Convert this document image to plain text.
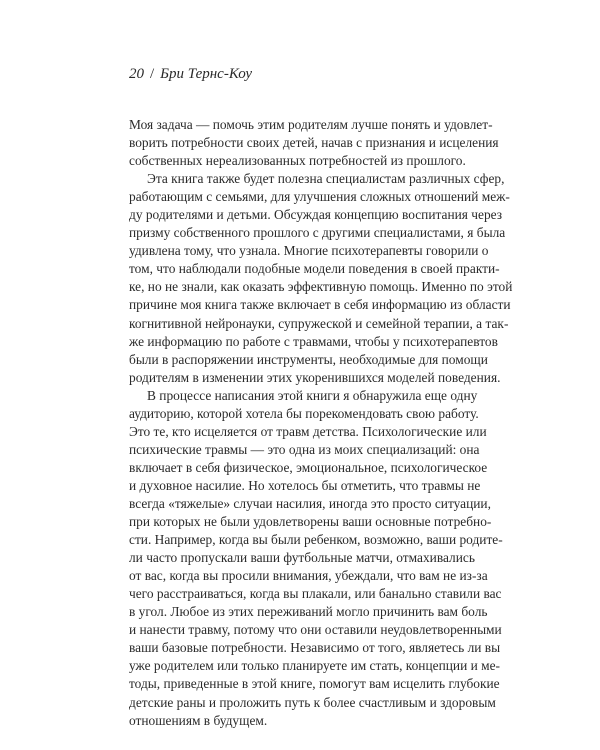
20 / Бри Тернс-Коу
Моя задача — помочь этим родителям лучше понять и удовлет-
ворить потребности своих детей, начав с признания и исцеления
собственных нереализованных потребностей из прошлого.
Эта книга также будет полезна специалистам различных сфер,
работающим с семьями, для улучшения сложных отношений меж-
ду родителями и детьми. Обсуждая концепцию воспитания через
призму собственного прошлого с другими специалистами, я была
удивлена тому, что узнала. Многие психотерапевты говорили о
том, что наблюдали подобные модели поведения в своей практи-
ке, но не знали, как оказать эффективную помощь. Именно по этой
причине моя книга также включает в себя информацию из области
когнитивной нейронауки, супружеской и семейной терапии, а так-
же информацию по работе с травмами, чтобы у психотерапевтов
были в распоряжении инструменты, необходимые для помощи
родителям в изменении этих укоренившихся моделей поведения.
В процессе написания этой книги я обнаружила еще одну
аудиторию, которой хотела бы порекомендовать свою работу.
Это те, кто исцеляется от травм детства. Психологические или
психические травмы — это одна из моих специализаций: она
включает в себя физическое, эмоциональное, психологическое
и духовное насилие. Но хотелось бы отметить, что травмы не
всегда «тяжелые» случаи насилия, иногда это просто ситуации,
при которых не были удовлетворены ваши основные потребно-
сти. Например, когда вы были ребенком, возможно, ваши родите-
ли часто пропускали ваши футбольные матчи, отмахивались
от вас, когда вы просили внимания, убеждали, что вам не из-за
чего расстраиваться, когда вы плакали, или банально ставили вас
в угол. Любое из этих переживаний могло причинить вам боль
и нанести травму, потому что они оставили неудовлетворенными
ваши базовые потребности. Независимо от того, являетесь ли вы
уже родителем или только планируете им стать, концепции и ме-
тоды, приведенные в этой книге, помогут вам исцелить глубокие
детские раны и проложить путь к более счастливым и здоровым
отношениям в будущем.
